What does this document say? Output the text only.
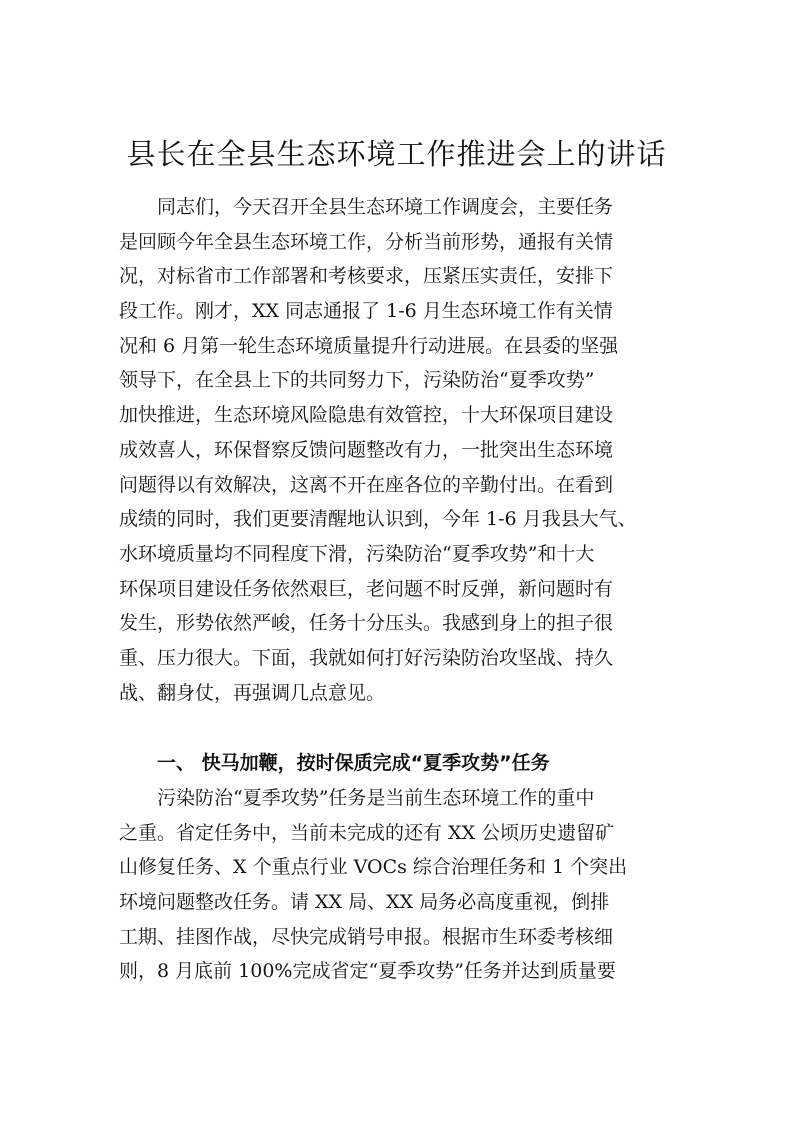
县长在全县生态环境工作推进会上的讲话
　　同志们，今天召开全县生态环境工作调度会，主要任务
是回顾今年全县生态环境工作，分析当前形势，通报有关情
况，对标省市工作部署和考核要求，压紧压实责任，安排下
段工作。刚才，XX 同志通报了 1-6 月生态环境工作有关情
况和 6 月第一轮生态环境质量提升行动进展。在县委的坚强
领导下，在全县上下的共同努力下，污染防治“夏季攻势”
加快推进，生态环境风险隐患有效管控，十大环保项目建设
成效喜人，环保督察反馈问题整改有力，一批突出生态环境
问题得以有效解决，这离不开在座各位的辛勤付出。在看到
成绩的同时，我们更要清醒地认识到，今年 1-6 月我县大气、
水环境质量均不同程度下滑，污染防治“夏季攻势”和十大
环保项目建设任务依然艰巨，老问题不时反弹，新问题时有
发生，形势依然严峻，任务十分压头。我感到身上的担子很
重、压力很大。下面，我就如何打好污染防治攻坚战、持久
战、翻身仗，再强调几点意见。
　　一、 快马加鞭，按时保质完成“夏季攻势”任务
　　污染防治“夏季攻势”任务是当前生态环境工作的重中
之重。省定任务中，当前未完成的还有 XX 公顷历史遗留矿
山修复任务、X 个重点行业 VOCs 综合治理任务和 1 个突出
环境问题整改任务。请 XX 局、XX 局务必高度重视，倒排
工期、挂图作战，尽快完成销号申报。根据市生环委考核细
则，8 月底前 100%完成省定“夏季攻势”任务并达到质量要
